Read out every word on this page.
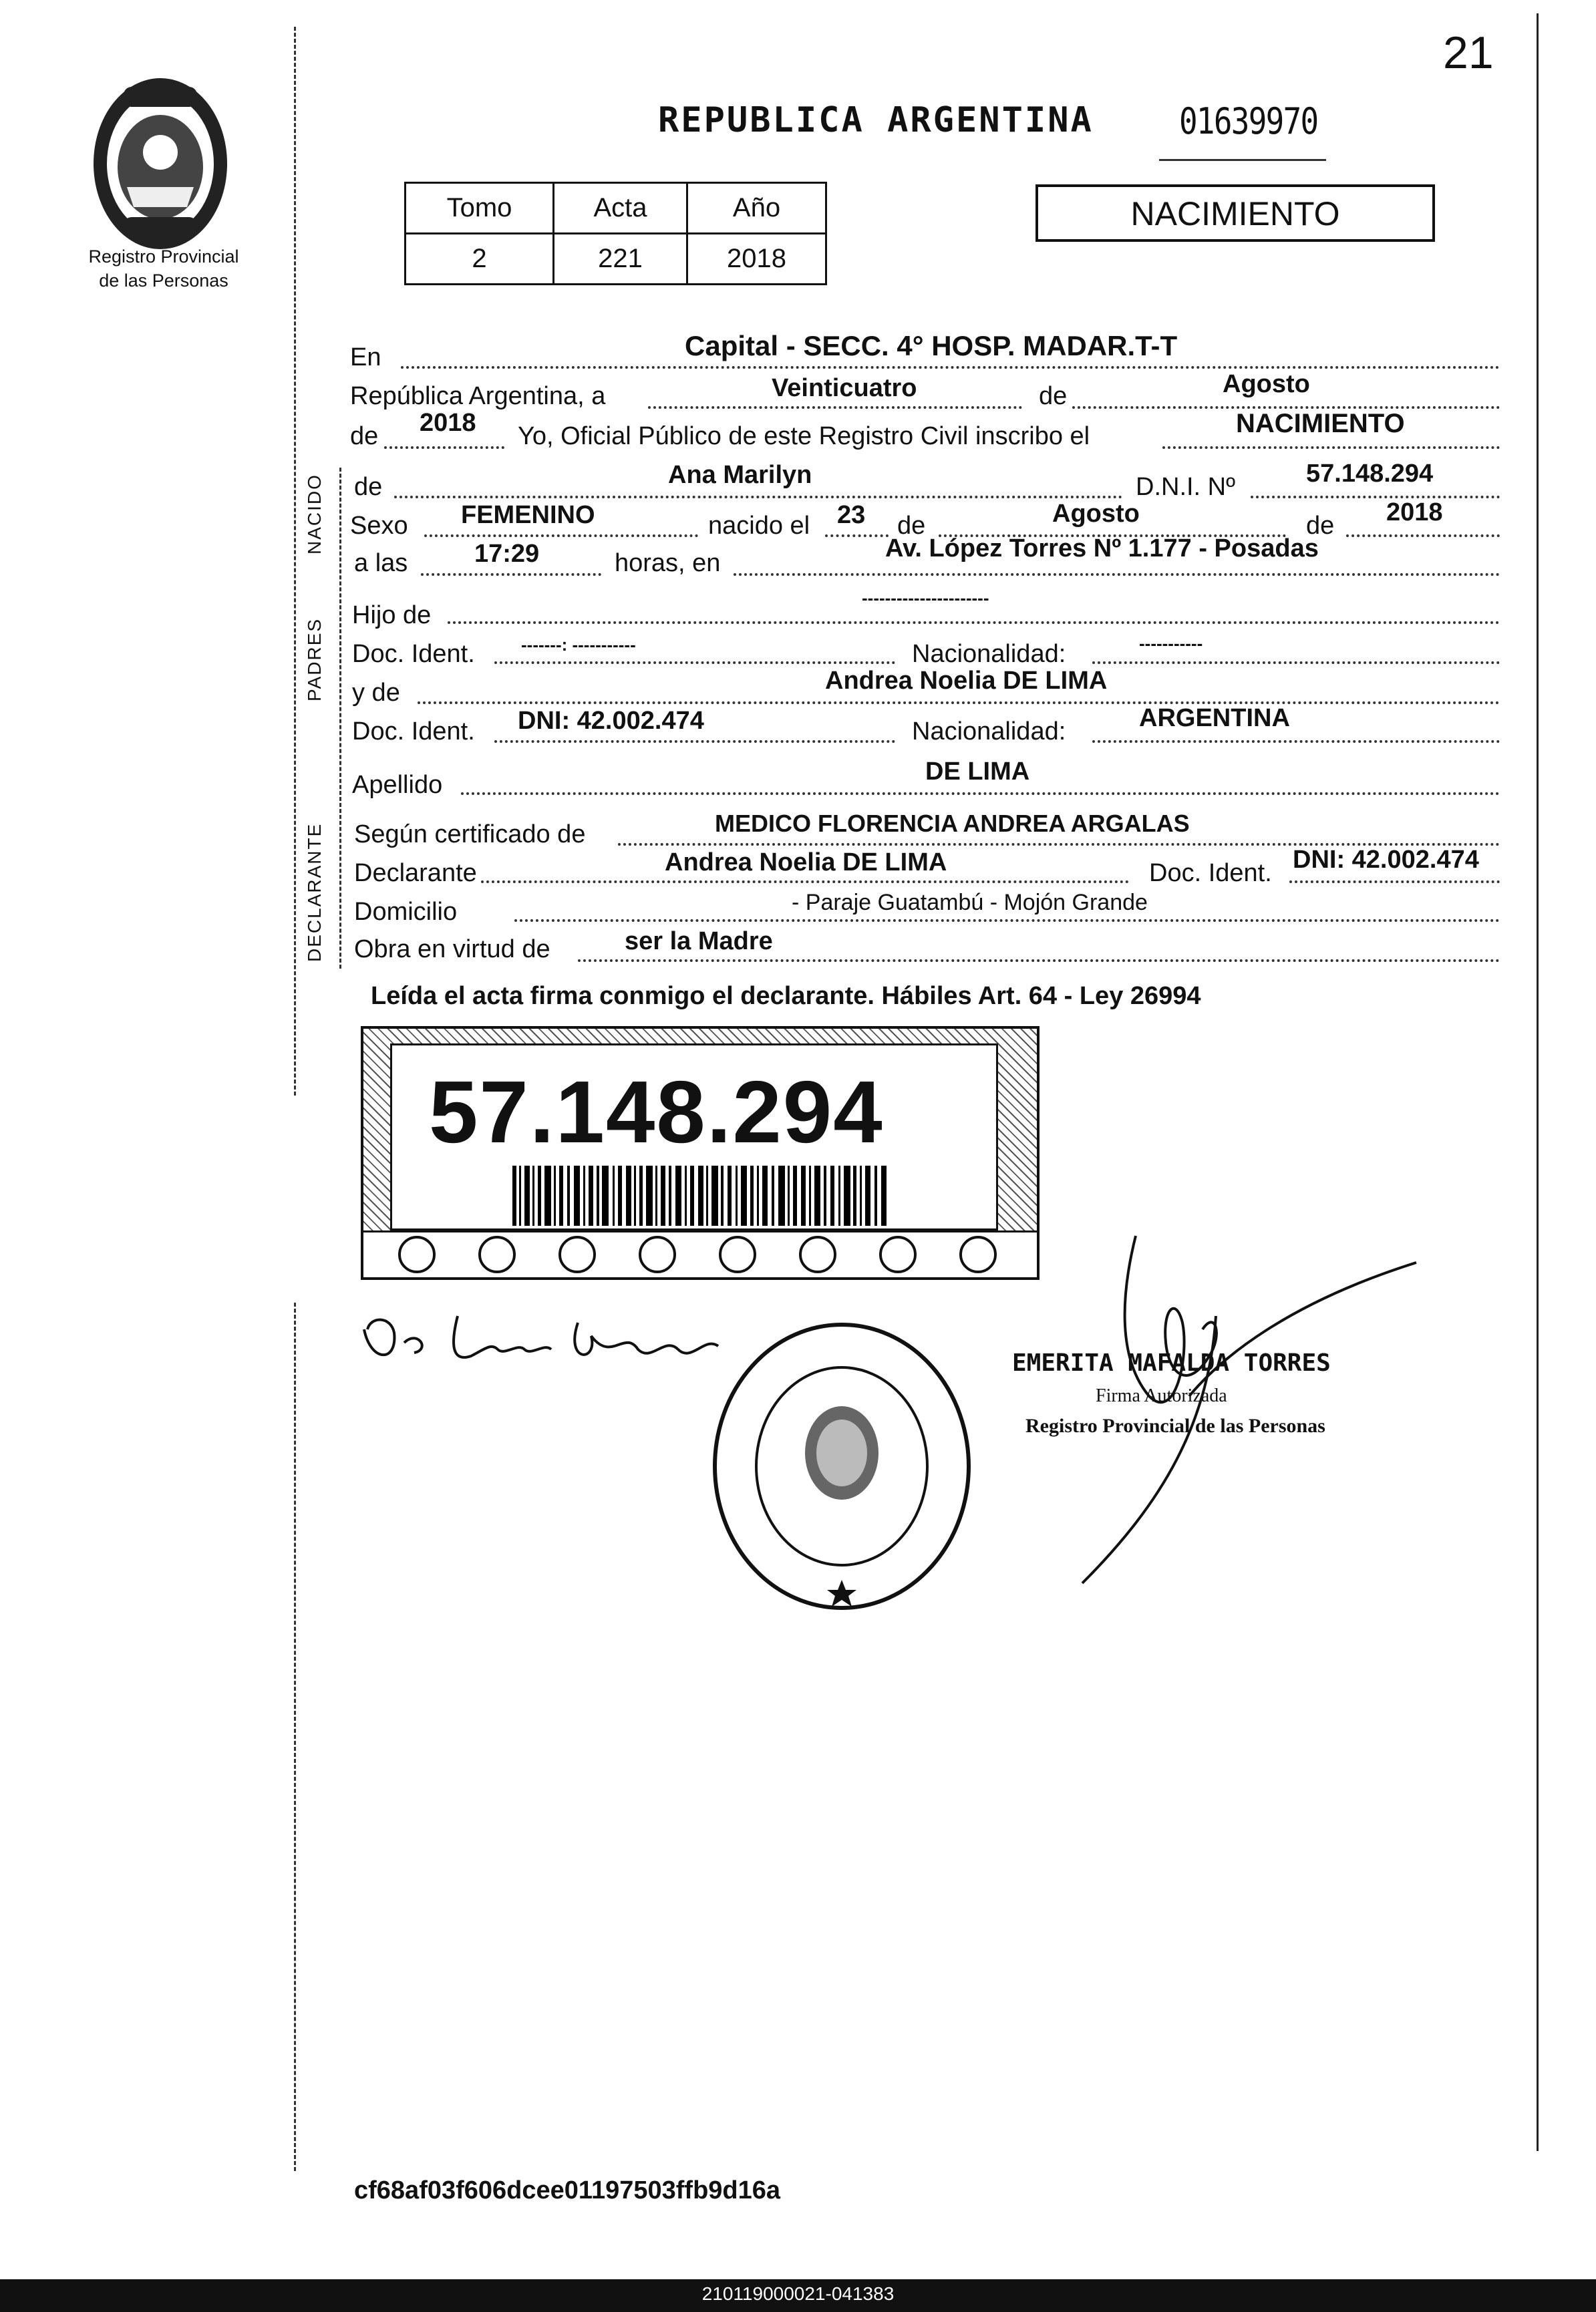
21
Registro Provincial
de las Personas
REPUBLICA ARGENTINA 01639970
Tomo	Acta	Año
2	221	2018
NACIMIENTO
NACIDO
PADRES
DECLARANTE
En	Capital - SECC. 4° HOSP. MADAR.T-T
República Argentina, a	Veinticuatro	de	Agosto
de 2018 Yo, Oficial Público de este Registro Civil inscribo el	NACIMIENTO
de	Ana Marilyn	D.N.I. Nº	57.148.294
Sexo FEMENINO	nacido el 23 de	Agosto	de 2018
a las	17:29	horas, en
Av. López Torres Nº 1.177 - Posadas
Hijo de
----------------------
Doc. Ident.	-------: -----------	Nacionalidad:	-----------
y de	Andrea Noelia DE LIMA
Doc. Ident. DNI: 42.002.474	Nacionalidad:	ARGENTINA
Apellido	DE LIMA
Según certificado de	MEDICO FLORENCIA ANDREA ARGALAS
Declarante	Andrea Noelia DE LIMA	Doc. Ident. DNI: 42.002.474
Domicilio	- Paraje Guatambú - Mojón Grande
Obra en virtud de	ser la Madre
Leída el acta firma conmigo el declarante. Hábiles Art. 64 - Ley 26994
57.148.294
EMERITA MAFALDA TORRES
Firma Autorizada
Registro Provincial de las Personas
cf68af03f606dcee01197503ffb9d16a
210119000021-041383
